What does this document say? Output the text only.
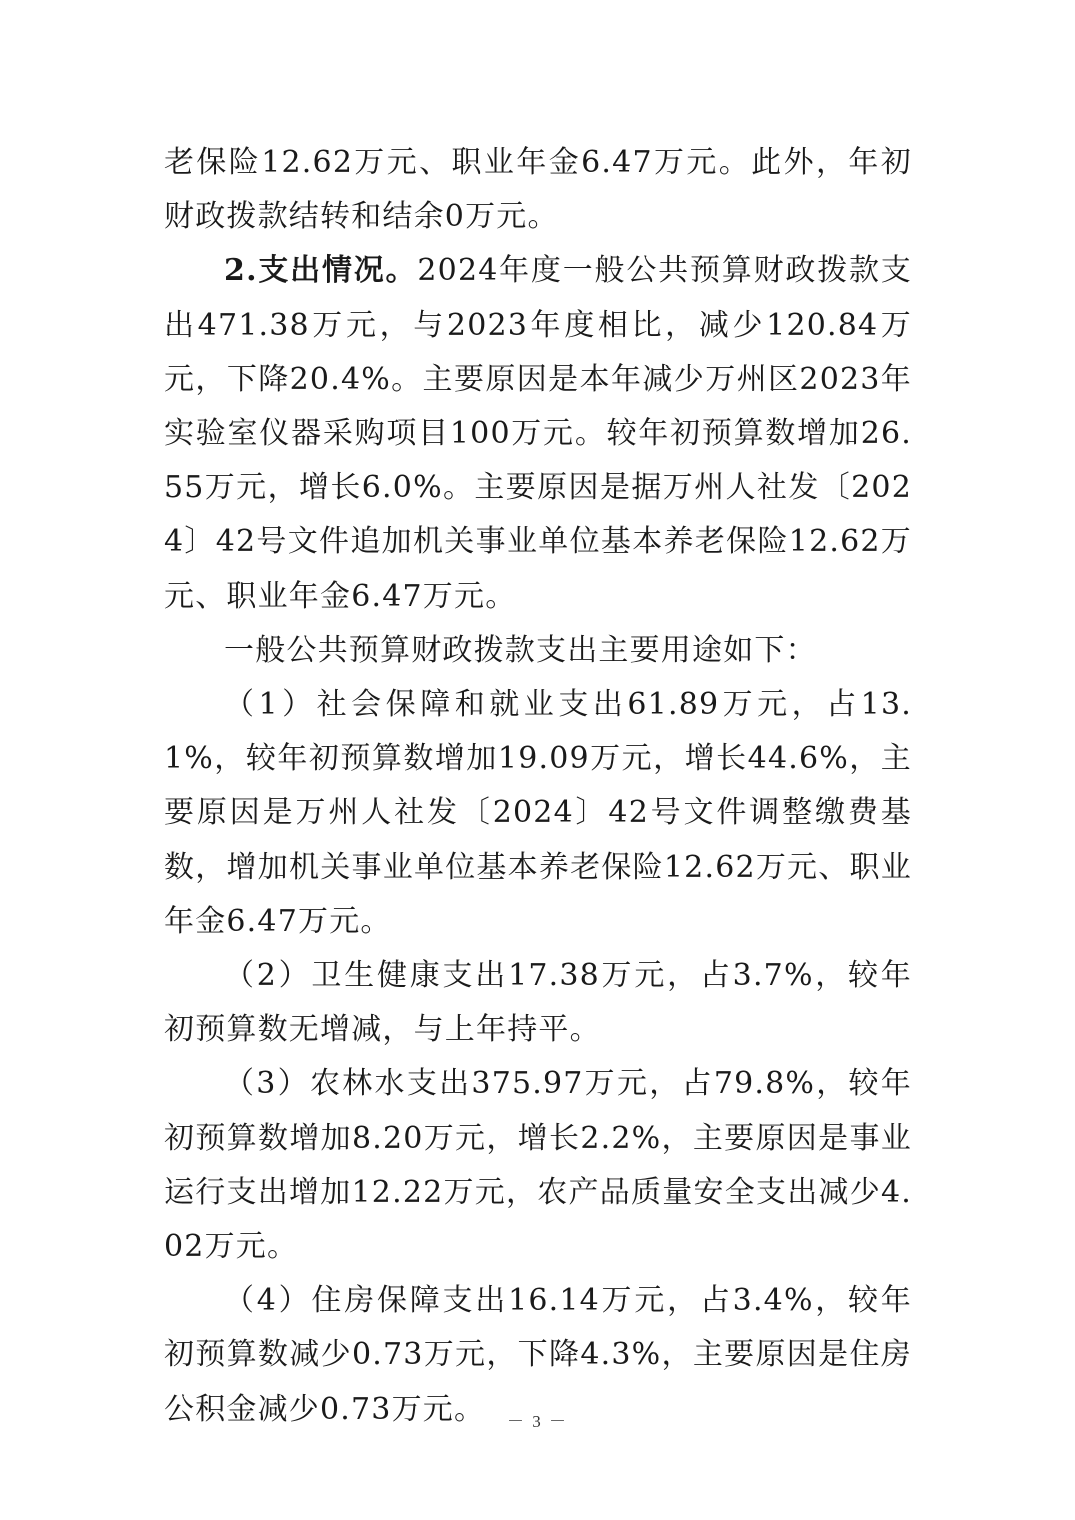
老保险12.62万元、职业年金6.47万元。此外，年初财政拨款结转和结余0万元。

2.支出情况。2024年度一般公共预算财政拨款支出471.38万元，与2023年度相比，减少120.84万元，下降20.4%。主要原因是本年减少万州区2023年实验室仪器采购项目100万元。较年初预算数增加26.55万元，增长6.0%。主要原因是据万州人社发〔2024〕42号文件追加机关事业单位基本养老保险12.62万元、职业年金6.47万元。

一般公共预算财政拨款支出主要用途如下：

（1）社会保障和就业支出61.89万元，占13.1%，较年初预算数增加19.09万元，增长44.6%，主要原因是万州人社发〔2024〕42号文件调整缴费基数，增加机关事业单位基本养老保险12.62万元、职业年金6.47万元。

（2）卫生健康支出17.38万元，占3.7%，较年初预算数无增减，与上年持平。

（3）农林水支出375.97万元，占79.8%，较年初预算数增加8.20万元，增长2.2%，主要原因是事业运行支出增加12.22万元，农产品质量安全支出减少4.02万元。

（4）住房保障支出16.14万元，占3.4%，较年初预算数减少0.73万元，下降4.3%，主要原因是住房公积金减少0.73万元。	－ 3 －
